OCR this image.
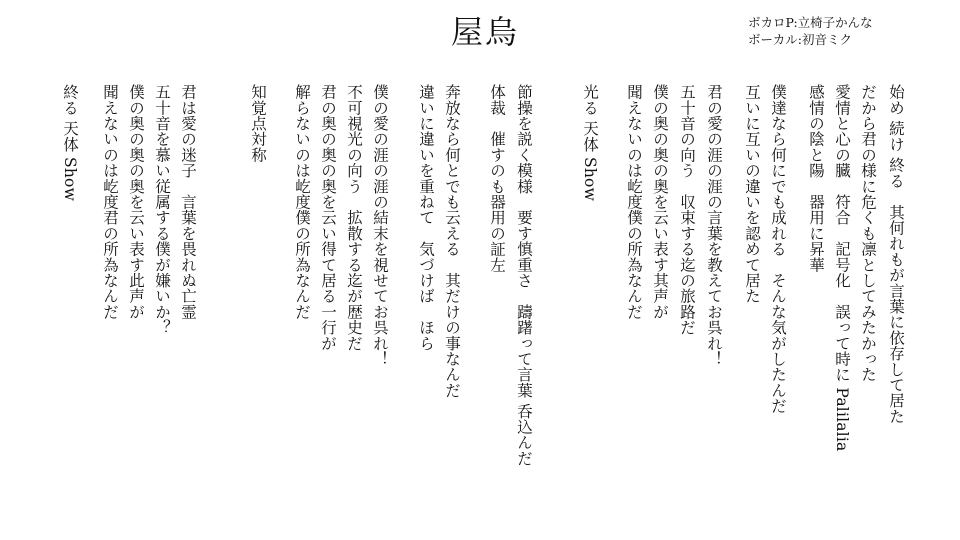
屋烏	ボカロP:立椅子かんな
ボーカル:初音ミク
始め 続け 終る　其何れもが言葉に依存して居た
だから君の様に危くも凛としてみたかった
愛情と心の臓　符合　記号化　誤って時に Palilalia
感情の陰と陽　器用に昇華
僕達なら何にでも成れる　そんな気がしたんだ
互いに互いの違いを認めて居た
君の愛の涯の涯の言葉を教えてお呉れ！
五十音の向う　収束する迄の旅路だ
僕の奥の奥の奥を云い表す其声が
聞えないのは屹度僕の所為なんだ
光る 天体 Show
節操を説く模様　要す慎重さ　躊躇って言葉 呑込んだ
体裁　催すのも器用の証左
奔放なら何とでも云える　其だけの事なんだ
違いに違いを重ねて　気づけば　ほら
僕の愛の涯の涯の結末を視せてお呉れ！
不可視光の向う　拡散する迄が歴史だ
君の奥の奥の奥を云い得て居る一行が
解らないのは屹度僕の所為なんだ
知覚点対称
君は愛の迷子　言葉を畏れぬ亡霊
五十音を慕い従属する僕が嫌いか？
僕の奥の奥の奥を云い表す此声が
聞えないのは屹度君の所為なんだ
終る 天体 Show
